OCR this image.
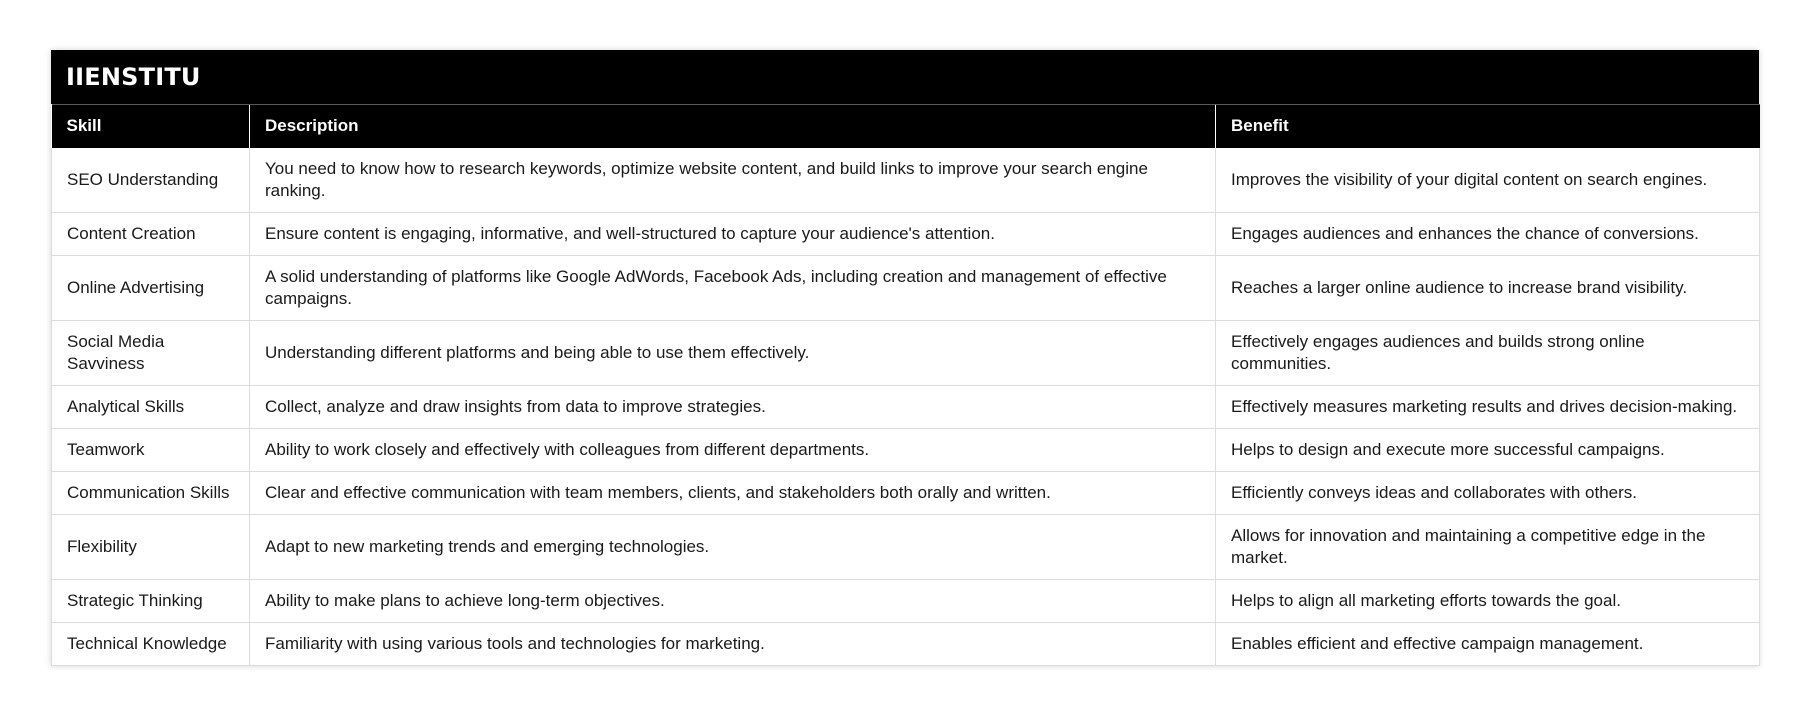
IIENSTITU
Skill	Description	Benefit
SEO Understanding	You need to know how to research keywords, optimize website content, and build links to improve your search engine ranking.	Improves the visibility of your digital content on search engines.
Content Creation	Ensure content is engaging, informative, and well-structured to capture your audience's attention.	Engages audiences and enhances the chance of conversions.
Online Advertising	A solid understanding of platforms like Google AdWords, Facebook Ads, including creation and management of effective campaigns.	Reaches a larger online audience to increase brand visibility.
Social Media Savviness	Understanding different platforms and being able to use them effectively.	Effectively engages audiences and builds strong online communities.
Analytical Skills	Collect, analyze and draw insights from data to improve strategies.	Effectively measures marketing results and drives decision-making.
Teamwork	Ability to work closely and effectively with colleagues from different departments.	Helps to design and execute more successful campaigns.
Communication Skills	Clear and effective communication with team members, clients, and stakeholders both orally and written.	Efficiently conveys ideas and collaborates with others.
Flexibility	Adapt to new marketing trends and emerging technologies.	Allows for innovation and maintaining a competitive edge in the market.
Strategic Thinking	Ability to make plans to achieve long-term objectives.	Helps to align all marketing efforts towards the goal.
Technical Knowledge	Familiarity with using various tools and technologies for marketing.	Enables efficient and effective campaign management.
